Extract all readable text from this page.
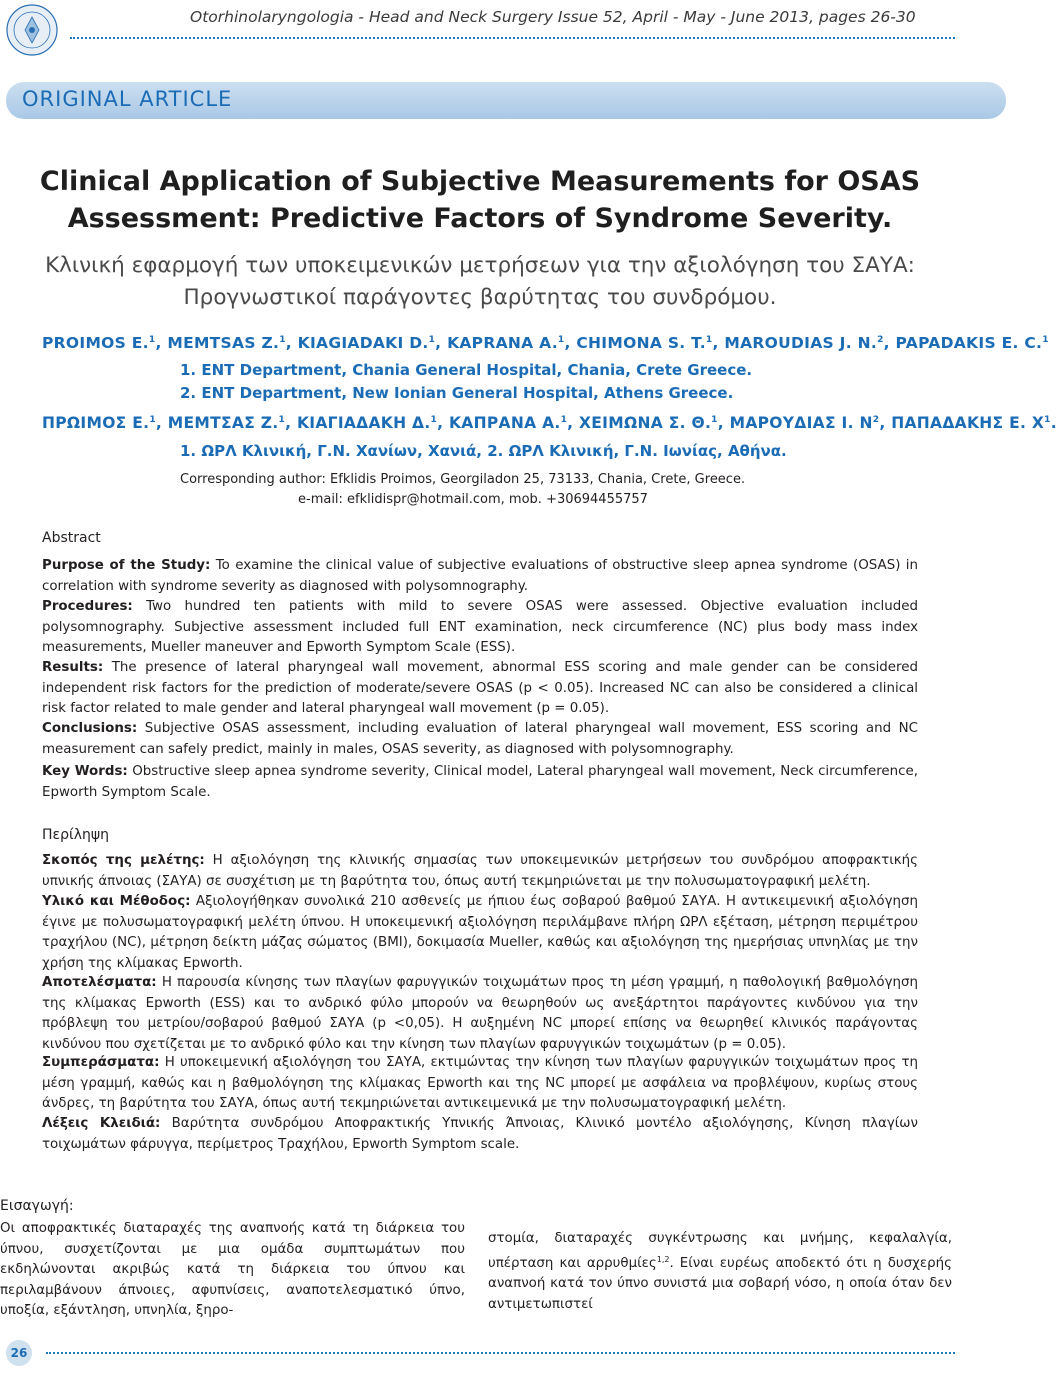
Otorhinolaryngologia - Head and Neck Surgery Issue 52, April - May - June 2013, pages 26-30
ORIGINAL ARTICLE
Clinical Application of Subjective Measurements for OSAS
Assessment: Predictive Factors of Syndrome Severity.
Κλινική εφαρμογή των υποκειμενικών μετρήσεων για την αξιολόγηση του ΣΑΥΑ:
Προγνωστικοί παράγοντες βαρύτητας του συνδρόμου.
PROIMOS E.$^1$, MEMTSAS Z.$^1$, KIAGIADAKI D.$^1$, KAPRANA A.$^1$, CHIMONA S. T.$^1$, MAROUDIAS J. N.$^2$, PAPADAKIS E. C.$^1$
1. ENT Department, Chania General Hospital, Chania, Crete Greece.
2. ENT Department, New Ionian General Hospital, Athens Greece.
ΠΡΩΙΜΟΣ Ε.$^1$, ΜΕΜΤΣΑΣ Ζ.$^1$, ΚΙΑΓΙΑΔΑΚΗ Δ.$^1$, ΚΑΠΡΑΝΑ Α.$^1$, ΧΕΙΜΩΝΑ Σ. Θ.$^1$, ΜΑΡΟΥΔΙΑΣ Ι. $N^2$, ΠΑΠΑΔΑΚΗΣ Ε. $X^1$.
1. ΩΡΛ Κλινική, Γ.Ν. Χανίων, Χανιά, 2. ΩΡΛ Κλινική, Γ.Ν. Ιωνίας, Αθήνα.
Corresponding author: Efklidis Proimos, Georgiladon 25, 73133, Chania, Crete, Greece.
e-mail: efklidispr@hotmail.com, mob. +30694455757
Abstract
Purpose of the Study: To examine the clinical value of subjective evaluations of obstructive sleep apnea syndrome (OSAS) in correlation with syndrome severity as diagnosed with polysomnography.
Procedures: Two hundred ten patients with mild to severe OSAS were assessed. Objective evaluation included polysomnography. Subjective assessment included full ENT examination, neck circumference (NC) plus body mass index measurements, Mueller maneuver and Epworth Symptom Scale (ESS).
Results: The presence of lateral pharyngeal wall movement, abnormal ESS scoring and male gender can be considered independent risk factors for the prediction of moderate/severe OSAS (p < 0.05). Increased NC can also be considered a clinical risk factor related to male gender and lateral pharyngeal wall movement (p = 0.05).
Conclusions: Subjective OSAS assessment, including evaluation of lateral pharyngeal wall movement, ESS scoring and NC measurement can safely predict, mainly in males, OSAS severity, as diagnosed with polysomnography.
Key Words: Obstructive sleep apnea syndrome severity, Clinical model, Lateral pharyngeal wall movement, Neck circumference, Epworth Symptom Scale.
Περίληψη
Σκοπός της μελέτης: Η αξιολόγηση της κλινικής σημασίας των υποκειμενικών μετρήσεων του συνδρόμου αποφρακτικής υπνικής άπνοιας (ΣΑΥΑ) σε συσχέτιση με τη βαρύτητα του, όπως αυτή τεκμηριώνεται με την πολυσωματογραφική μελέτη.
Υλικό και Μέθοδος: Αξιολογήθηκαν συνολικά 210 ασθενείς με ήπιου έως σοβαρού βαθμού ΣΑΥΑ. Η αντικειμενική αξιολόγηση έγινε με πολυσωματογραφική μελέτη ύπνου. Η υποκειμενική αξιολόγηση περιλάμβανε πλήρη ΩΡΛ εξέταση, μέτρηση περιμέτρου τραχήλου (NC), μέτρηση δείκτη μάζας σώματος (BMI), δοκιμασία Mueller, καθώς και αξιολόγηση της ημερήσιας υπνηλίας με την χρήση της κλίμακας Epworth.
Αποτελέσματα: Η παρουσία κίνησης των πλαγίων φαρυγγικών τοιχωμάτων προς τη μέση γραμμή, η παθολογική βαθμολόγηση της κλίμακας Epworth (ESS) και το ανδρικό φύλο μπορούν να θεωρηθούν ως ανεξάρτητοι παράγοντες κινδύνου για την πρόβλεψη του μετρίου/σοβαρού βαθμού ΣΑΥΑ (p <0,05). Η αυξημένη NC μπορεί επίσης να θεωρηθεί κλινικός παράγοντας κινδύνου που σχετίζεται με το ανδρικό φύλο και την κίνηση των πλαγίων φαρυγγικών τοιχωμάτων (p = 0.05).
Συμπεράσματα: Η υποκειμενική αξιολόγηση του ΣΑΥΑ, εκτιμώντας την κίνηση των πλαγίων φαρυγγικών τοιχωμάτων προς τη μέση γραμμή, καθώς και η βαθμολόγηση της κλίμακας Epworth και της NC μπορεί με ασφάλεια να προβλέψουν, κυρίως στους άνδρες, τη βαρύτητα του ΣΑΥΑ, όπως αυτή τεκμηριώνεται αντικειμενικά με την πολυσωματογραφική μελέτη.
Λέξεις Κλειδιά: Βαρύτητα συνδρόμου Αποφρακτικής Υπνικής Άπνοιας, Κλινικό μοντέλο αξιολόγησης, Κίνηση πλαγίων τοιχωμάτων φάρυγγα, περίμετρος Τραχήλου, Epworth Symptom scale.
Εισαγωγή:
Οι αποφρακτικές διαταραχές της αναπνοής κατά τη διάρκεια του ύπνου, συσχετίζονται με μια ομάδα συμπτωμάτων που εκδηλώνονται ακριβώς κατά τη διάρκεια του ύπνου και περιλαμβάνουν άπνοιες, αφυπνίσεις, αναποτελεσματικό ύπνο, υποξία, εξάντληση, υπνηλία, ξηρο-
στομία, διαταραχές συγκέντρωσης και μνήμης, κεφαλαλγία, υπέρταση και αρρυθμίες$^{1,2}$. Είναι ευρέως αποδεκτό ότι η δυσχερής αναπνοή κατά τον ύπνο συνιστά μια σοβαρή νόσο, η οποία όταν δεν αντιμετωπιστεί
26
